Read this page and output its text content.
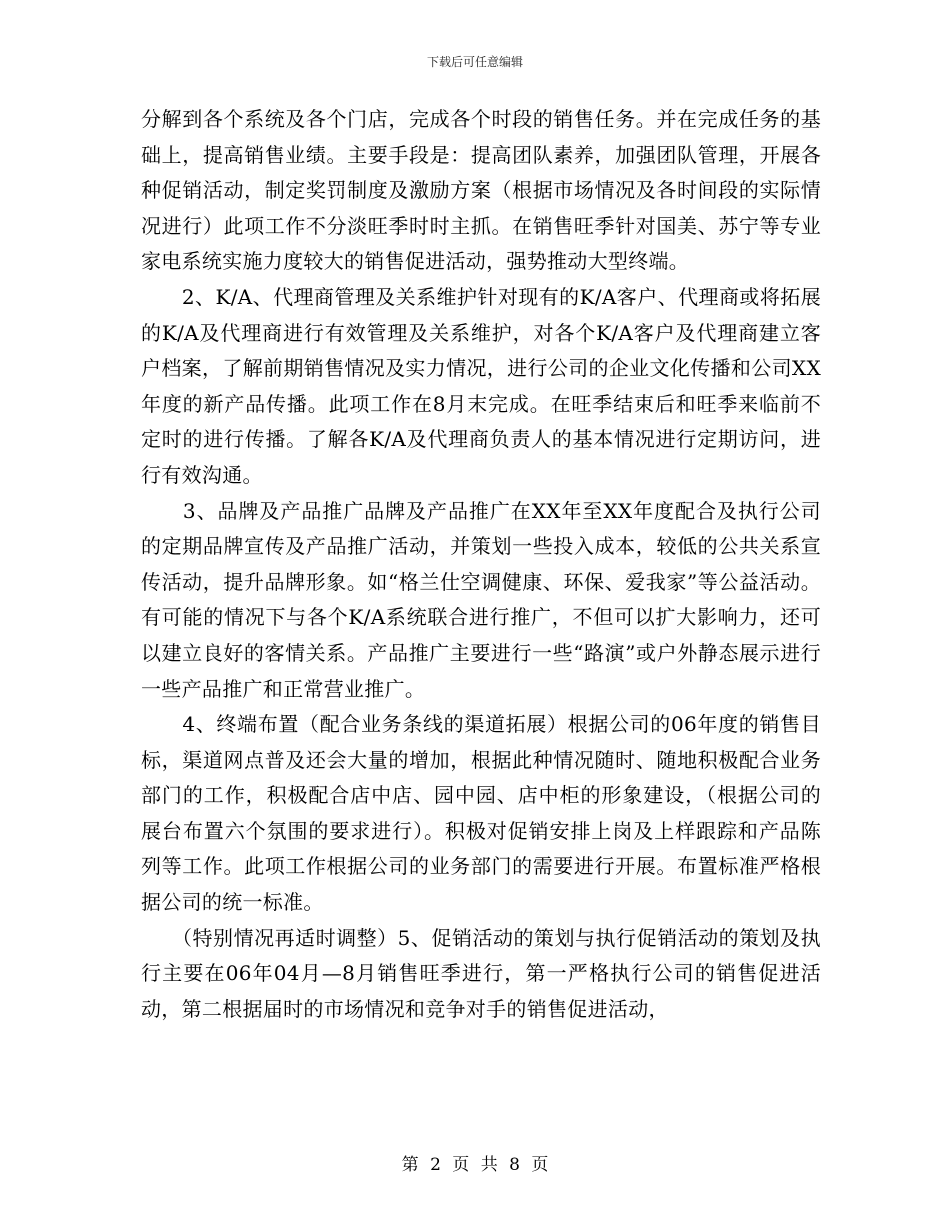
下载后可任意编辑

分解到各个系统及各个门店，完成各个时段的销售任务。并在完成任务的基础上，提高销售业绩。主要手段是：提高团队素养，加强团队管理，开展各种促销活动，制定奖罚制度及激励方案（根据市场情况及各时间段的实际情况进行）此项工作不分淡旺季时时主抓。在销售旺季针对国美、苏宁等专业家电系统实施力度较大的销售促进活动，强势推动大型终端。

　　2、K/A、代理商管理及关系维护针对现有的K/A客户、代理商或将拓展的K/A及代理商进行有效管理及关系维护，对各个K/A客户及代理商建立客户档案，了解前期销售情况及实力情况，进行公司的企业文化传播和公司XX年度的新产品传播。此项工作在8月末完成。在旺季结束后和旺季来临前不定时的进行传播。了解各K/A及代理商负责人的基本情况进行定期访问，进行有效沟通。

　　3、品牌及产品推广品牌及产品推广在XX年至XX年度配合及执行公司的定期品牌宣传及产品推广活动，并策划一些投入成本，较低的公共关系宣传活动，提升品牌形象。如“格兰仕空调健康、环保、爱我家”等公益活动。有可能的情况下与各个K/A系统联合进行推广，不但可以扩大影响力，还可以建立良好的客情关系。产品推广主要进行一些“路演”或户外静态展示进行一些产品推广和正常营业推广。

　　4、终端布置（配合业务条线的渠道拓展）根据公司的06年度的销售目标，渠道网点普及还会大量的增加，根据此种情况随时、随地积极配合业务部门的工作，积极配合店中店、园中园、店中柜的形象建设，（根据公司的展台布置六个氛围的要求进行）。积极对促销安排上岗及上样跟踪和产品陈列等工作。此项工作根据公司的业务部门的需要进行开展。布置标准严格根据公司的统一标准。

　　（特别情况再适时调整）5、促销活动的策划与执行促销活动的策划及执行主要在06年04月—8月销售旺季进行，第一严格执行公司的销售促进活动，第二根据届时的市场情况和竞争对手的销售促进活动，

第 2 页 共 8 页
